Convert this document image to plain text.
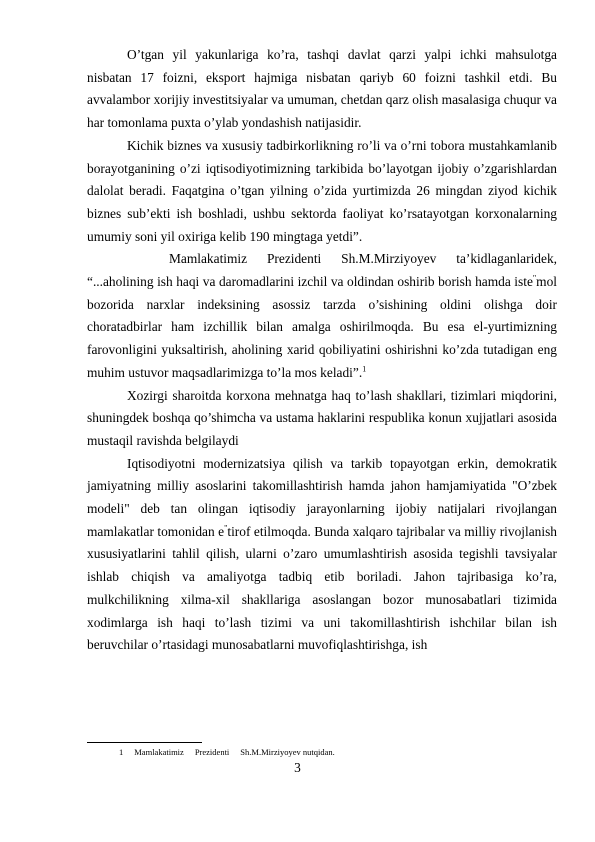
O’tgan yil yakunlariga ko’ra, tashqi davlat qarzi yalpi ichki mahsulotga nisbatan 17 foizni, eksport hajmiga nisbatan qariyb 60 foizni tashkil etdi. Bu avvalambor xorijiy investitsiyalar va umuman, chetdan qarz olish masalasiga chuqur va har tomonlama puxta o’ylab yondashish natijasidir.

Kichik biznes va xususiy tadbirkorlikning ro’li va o’rni tobora mustahkamlanib borayotganining o’zi iqtisodiyotimizning tarkibida bo’layotgan ijobiy o’zgarishlardan dalolat beradi. Faqatgina o’tgan yilning o’zida yurtimizda 26 mingdan ziyod kichik biznes sub’ekti ish boshladi, ushbu sektorda faoliyat ko’rsatayotgan korxonalarning umumiy soni yil oxiriga kelib 190 mingtaga yetdi”.

Mamlakatimiz Prezidenti Sh.M.Mirziyoyev ta’kidlaganlaridek, “...aholining ish haqi va daromadlarini izchil va oldindan oshirib borish hamda iste"mol bozorida narxlar indeksining asossiz tarzda o’sishining oldini olishga doir choratadbirlar ham izchillik bilan amalga oshirilmoqda. Bu esa el-yurtimizning farovonligini yuksaltirish, aholining xarid qobiliyatini oshirishni ko’zda tutadigan eng muhim ustuvor maqsadlarimizga to’la mos keladi”.$^1$

Xozirgi sharoitda korxona mehnatga haq to’lash shakllari, tizimlari miqdorini, shuningdek boshqa qo’shimcha va ustama haklarini respublika konun xujjatlari asosida mustaqil ravishda belgilaydi

Iqtisodiyotni modernizatsiya qilish va tarkib topayotgan erkin, demokratik jamiyatning milliy asoslarini takomillashtirish hamda jahon hamjamiyatida "O’zbek modeli" deb tan olingan iqtisodiy jarayonlarning ijobiy natijalari rivojlangan mamlakatlar tomonidan e"tirof etilmoqda. Bunda xalqaro tajribalar va milliy rivojlanish xususiyatlarini tahlil qilish, ularni o’zaro umumlashtirish asosida tegishli tavsiyalar ishlab chiqish va amaliyotga tadbiq etib boriladi. Jahon tajribasiga ko’ra, mulkchilikning xilma-xil shakllariga asoslangan bozor munosabatlari tizimida xodimlarga ish haqi to’lash tizimi va uni takomillashtirish ishchilar bilan ish beruvchilar o’rtasidagi munosabatlarni muvofiqlashtirishga, ish

1 Mamlakatimiz Prezidenti Sh.M.Mirziyoyev nutqidan.
3
